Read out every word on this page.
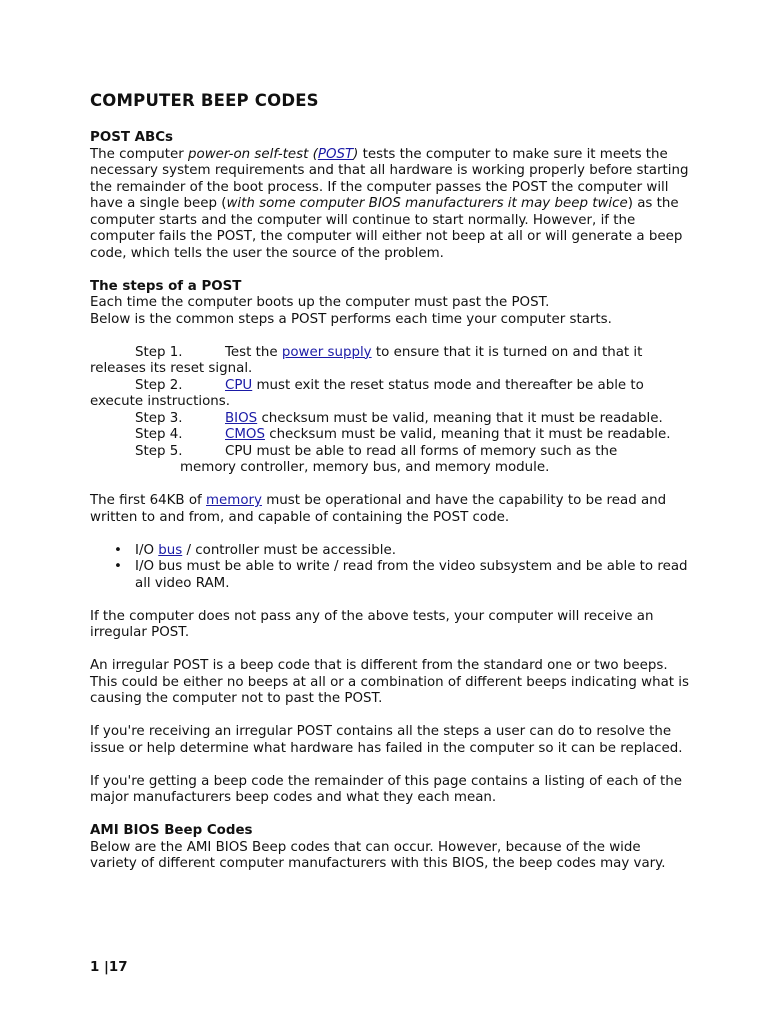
COMPUTER BEEP CODES

POST ABCs

The computer power-on self-test (POST) tests the computer to make sure it meets the necessary system requirements and that all hardware is working properly before starting the remainder of the boot process. If the computer passes the POST the computer will have a single beep (with some computer BIOS manufacturers it may beep twice) as the computer starts and the computer will continue to start normally. However, if the computer fails the POST, the computer will either not beep at all or will generate a beep code, which tells the user the source of the problem.

The steps of a POST

Each time the computer boots up the computer must past the POST.

Below is the common steps a POST performs each time your computer starts.

Step 1.	Test the power supply to ensure that it is turned on and that it releases its reset signal.

Step 2.	CPU must exit the reset status mode and thereafter be able to execute instructions.

Step 3.	BIOS checksum must be valid, meaning that it must be readable.

Step 4.	CMOS checksum must be valid, meaning that it must be readable.

Step 5.	CPU must be able to read all forms of memory such as the
memory controller, memory bus, and memory module.

The first 64KB of memory must be operational and have the capability to be read and written to and from, and capable of containing the POST code.

• I/O bus / controller must be accessible.
• I/O bus must be able to write / read from the video subsystem and be able to read all video RAM.

If the computer does not pass any of the above tests, your computer will receive an irregular POST.

An irregular POST is a beep code that is different from the standard one or two beeps. This could be either no beeps at all or a combination of different beeps indicating what is causing the computer not to past the POST.

If you're receiving an irregular POST contains all the steps a user can do to resolve the issue or help determine what hardware has failed in the computer so it can be replaced.

If you're getting a beep code the remainder of this page contains a listing of each of the major manufacturers beep codes and what they each mean.

AMI BIOS Beep Codes

Below are the AMI BIOS Beep codes that can occur. However, because of the wide variety of different computer manufacturers with this BIOS, the beep codes may vary.

1 |17
